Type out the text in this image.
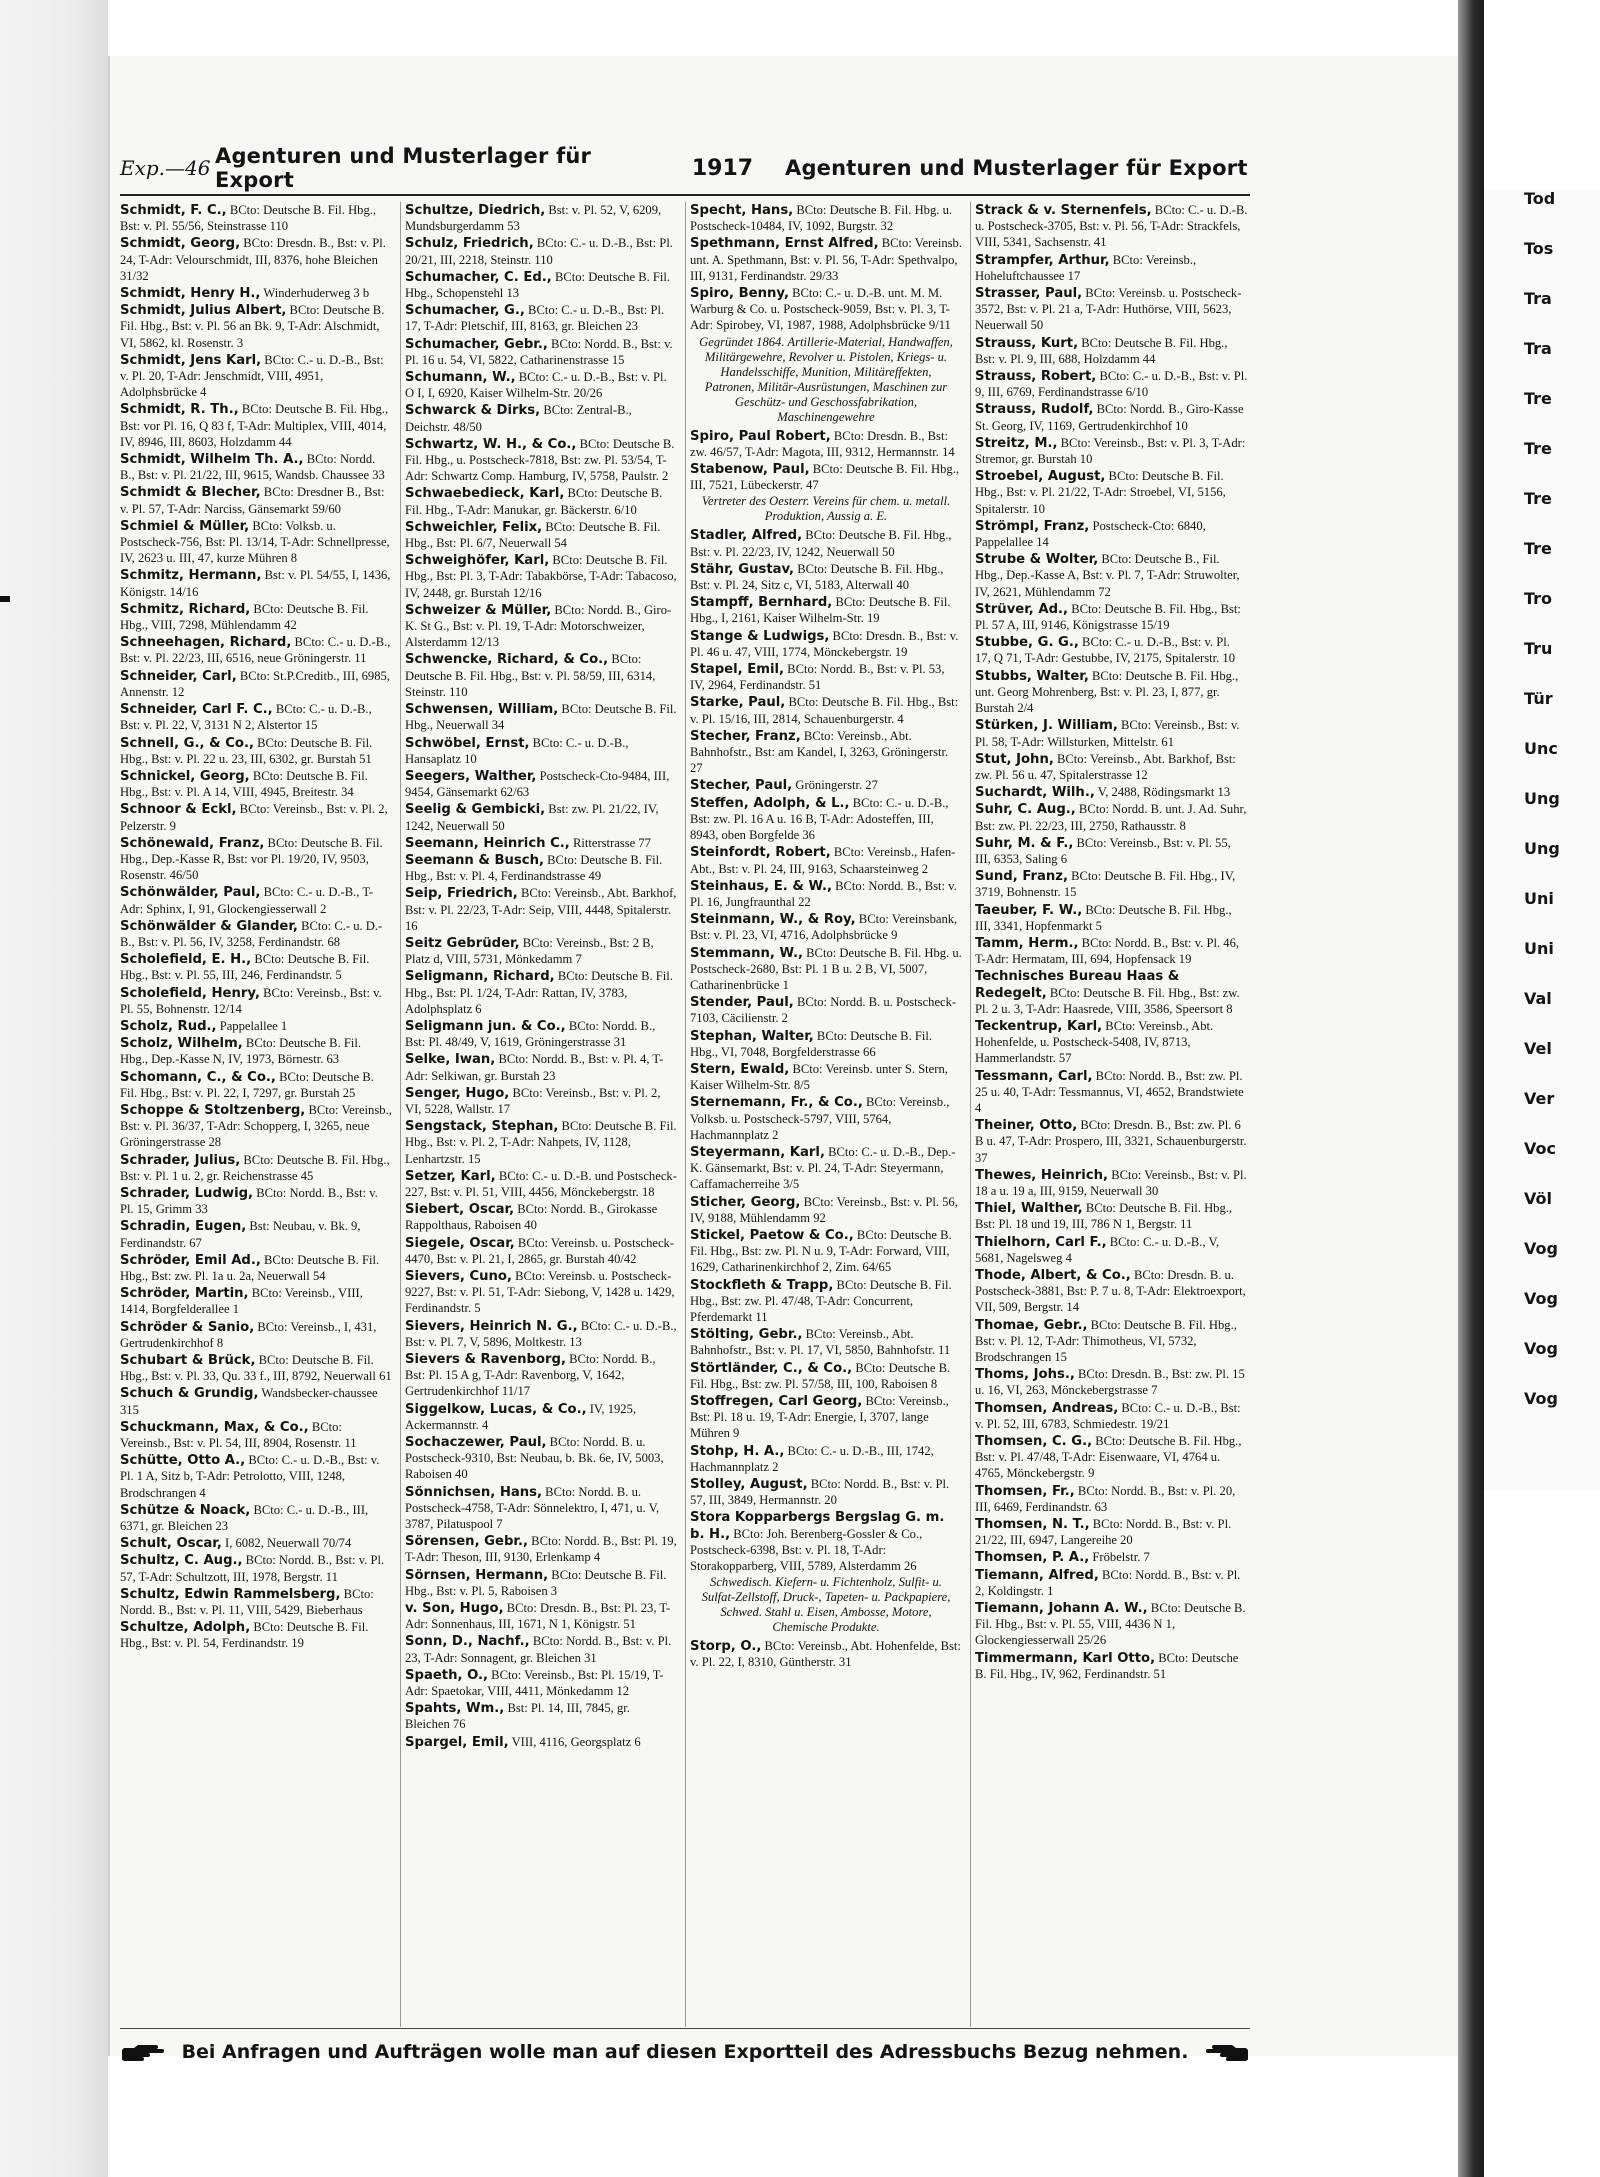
Exp.—46 Agenturen und Musterlager für Export	1917	Agenturen und Musterlager für Export
Schmidt, F. C., BCto: Deutsche B. Fil. Hbg., Bst: v. Pl. 55/56, Steinstrasse 110
Schmidt, Georg, BCto: Dresdn. B., Bst: v. Pl. 24, T-Adr: Velourschmidt, III, 8376, hohe Bleichen 31/32
Schmidt, Henry H., Winderhuderweg 3 b
Schmidt, Julius Albert, BCto: Deutsche B. Fil. Hbg., Bst: v. Pl. 56 an Bk. 9, T-Adr: Alschmidt, VI, 5862, kl. Rosenstr. 3
Schmidt, Jens Karl, BCto: C.- u. D.-B., Bst: v. Pl. 20, T-Adr: Jenschmidt, VIII, 4951, Adolphsbrücke 4
Schmidt, R. Th., BCto: Deutsche B. Fil. Hbg., Bst: vor Pl. 16, Q 83 f, T-Adr: Multiplex, VIII, 4014, IV, 8946, III, 8603, Holzdamm 44
Schmidt, Wilhelm Th. A., BCto: Nordd. B., Bst: v. Pl. 21/22, III, 9615, Wandsb. Chaussee 33
Schmidt & Blecher, BCto: Dresdner B., Bst: v. Pl. 57, T-Adr: Narciss, Gänsemarkt 59/60
Schmiel & Müller, BCto: Volksb. u. Postscheck-756, Bst: Pl. 13/14, T-Adr: Schnellpresse, IV, 2623 u. III, 47, kurze Mühren 8
Schmitz, Hermann, Bst: v. Pl. 54/55, I, 1436, Königstr. 14/16
Schmitz, Richard, BCto: Deutsche B. Fil. Hbg., VIII, 7298, Mühlendamm 42
Schneehagen, Richard, BCto: C.- u. D.-B., Bst: v. Pl. 22/23, III, 6516, neue Gröningerstr. 11
Schneider, Carl, BCto: St.P.Creditb., III, 6985, Annenstr. 12
Schneider, Carl F. C., BCto: C.- u. D.-B., Bst: v. Pl. 22, V, 3131 N 2, Alstertor 15
Schnell, G., & Co., BCto: Deutsche B. Fil. Hbg., Bst: v. Pl. 22 u. 23, III, 6302, gr. Burstah 51
Schnickel, Georg, BCto: Deutsche B. Fil. Hbg., Bst: v. Pl. A 14, VIII, 4945, Breitestr. 34
Schnoor & Eckl, BCto: Vereinsb., Bst: v. Pl. 2, Pelzerstr. 9
Schönewald, Franz, BCto: Deutsche B. Fil. Hbg., Dep.-Kasse R, Bst: vor Pl. 19/20, IV, 9503, Rosenstr. 46/50
Schönwälder, Paul, BCto: C.- u. D.-B., T-Adr: Sphinx, I, 91, Glockengiesserwall 2
Schönwälder & Glander, BCto: C.- u. D.-B., Bst: v. Pl. 56, IV, 3258, Ferdinandstr. 68
Scholefield, E. H., BCto: Deutsche B. Fil. Hbg., Bst: v. Pl. 55, III, 246, Ferdinandstr. 5
Scholefield, Henry, BCto: Vereinsb., Bst: v. Pl. 55, Bohnenstr. 12/14
Scholz, Rud., Pappelallee 1
Scholz, Wilhelm, BCto: Deutsche B. Fil. Hbg., Dep.-Kasse N, IV, 1973, Börnestr. 63
Schomann, C., & Co., BCto: Deutsche B. Fil. Hbg., Bst: v. Pl. 22, I, 7297, gr. Burstah 25
Schoppe & Stoltzenberg, BCto: Vereinsb., Bst: v. Pl. 36/37, T-Adr: Schopperg, I, 3265, neue Gröningerstrasse 28
Schrader, Julius, BCto: Deutsche B. Fil. Hbg., Bst: v. Pl. 1 u. 2, gr. Reichenstrasse 45
Schrader, Ludwig, BCto: Nordd. B., Bst: v. Pl. 15, Grimm 33
Schradin, Eugen, Bst: Neubau, v. Bk. 9, Ferdinandstr. 67
Schröder, Emil Ad., BCto: Deutsche B. Fil. Hbg., Bst: zw. Pl. 1a u. 2a, Neuerwall 54
Schröder, Martin, BCto: Vereinsb., VIII, 1414, Borgfelderallee 1
Schröder & Sanio, BCto: Vereinsb., I, 431, Gertrudenkirchhof 8
Schubart & Brück, BCto: Deutsche B. Fil. Hbg., Bst: v. Pl. 33, Qu. 33 f., III, 8792, Neuerwall 61
Schuch & Grundig, Wandsbecker-chaussee 315
Schuckmann, Max, & Co., BCto: Vereinsb., Bst: v. Pl. 54, III, 8904, Rosenstr. 11
Schütte, Otto A., BCto: C.- u. D.-B., Bst: v. Pl. 1 A, Sitz b, T-Adr: Petrolotto, VIII, 1248, Brodschrangen 4
Schütze & Noack, BCto: C.- u. D.-B., III, 6371, gr. Bleichen 23
Schult, Oscar, I, 6082, Neuerwall 70/74
Schultz, C. Aug., BCto: Nordd. B., Bst: v. Pl. 57, T-Adr: Schultzott, III, 1978, Bergstr. 11
Schultz, Edwin Rammelsberg, BCto: Nordd. B., Bst: v. Pl. 11, VIII, 5429, Bieberhaus
Schultze, Adolph, BCto: Deutsche B. Fil. Hbg., Bst: v. Pl. 54, Ferdinandstr. 19
Schultze, Diedrich, Bst: v. Pl. 52, V, 6209, Mundsburgerdamm 53
Schulz, Friedrich, BCto: C.- u. D.-B., Bst: Pl. 20/21, III, 2218, Steinstr. 110
Schumacher, C. Ed., BCto: Deutsche B. Fil. Hbg., Schopenstehl 13
Schumacher, G., BCto: C.- u. D.-B., Bst: Pl. 17, T-Adr: Pletschif, III, 8163, gr. Bleichen 23
Schumacher, Gebr., BCto: Nordd. B., Bst: v. Pl. 16 u. 54, VI, 5822, Catharinenstrasse 15
Schumann, W., BCto: C.- u. D.-B., Bst: v. Pl. O I, I, 6920, Kaiser Wilhelm-Str. 20/26
Schwarck & Dirks, BCto: Zentral-B., Deichstr. 48/50
Schwartz, W. H., & Co., BCto: Deutsche B. Fil. Hbg., u. Postscheck-7818, Bst: zw. Pl. 53/54, T-Adr: Schwartz Comp. Hamburg, IV, 5758, Paulstr. 2
Schwaebedieck, Karl, BCto: Deutsche B. Fil. Hbg., T-Adr: Manukar, gr. Bäckerstr. 6/10
Schweichler, Felix, BCto: Deutsche B. Fil. Hbg., Bst: Pl. 6/7, Neuerwall 54
Schweighöfer, Karl, BCto: Deutsche B. Fil. Hbg., Bst: Pl. 3, T-Adr: Tabakbörse, T-Adr: Tabacoso, IV, 2448, gr. Burstah 12/16
Schweizer & Müller, BCto: Nordd. B., Giro-K. St G., Bst: v. Pl. 19, T-Adr: Motorschweizer, Alsterdamm 12/13
Schwencke, Richard, & Co., BCto: Deutsche B. Fil. Hbg., Bst: v. Pl. 58/59, III, 6314, Steinstr. 110
Schwensen, William, BCto: Deutsche B. Fil. Hbg., Neuerwall 34
Schwöbel, Ernst, BCto: C.- u. D.-B., Hansaplatz 10
Seegers, Walther, Postscheck-Cto-9484, III, 9454, Gänsemarkt 62/63
Seelig & Gembicki, Bst: zw. Pl. 21/22, IV, 1242, Neuerwall 50
Seemann, Heinrich C., Ritterstrasse 77
Seemann & Busch, BCto: Deutsche B. Fil. Hbg., Bst: v. Pl. 4, Ferdinandstrasse 49
Seip, Friedrich, BCto: Vereinsb., Abt. Barkhof, Bst: v. Pl. 22/23, T-Adr: Seip, VIII, 4448, Spitalerstr. 16
Seitz Gebrüder, BCto: Vereinsb., Bst: 2 B, Platz d, VIII, 5731, Mönkedamm 7
Seligmann, Richard, BCto: Deutsche B. Fil. Hbg., Bst: Pl. 1/24, T-Adr: Rattan, IV, 3783, Adolphsplatz 6
Seligmann jun. & Co., BCto: Nordd. B., Bst: Pl. 48/49, V, 1619, Gröningerstrasse 31
Selke, Iwan, BCto: Nordd. B., Bst: v. Pl. 4, T-Adr: Selkiwan, gr. Burstah 23
Senger, Hugo, BCto: Vereinsb., Bst: v. Pl. 2, VI, 5228, Wallstr. 17
Sengstack, Stephan, BCto: Deutsche B. Fil. Hbg., Bst: v. Pl. 2, T-Adr: Nahpets, IV, 1128, Lenhartzstr. 15
Setzer, Karl, BCto: C.- u. D.-B. und Postscheck-227, Bst: v. Pl. 51, VIII, 4456, Mönckebergstr. 18
Siebert, Oscar, BCto: Nordd. B., Girokasse Rappolthaus, Raboisen 40
Siegele, Oscar, BCto: Vereinsb. u. Postscheck-4470, Bst: v. Pl. 21, I, 2865, gr. Burstah 40/42
Sievers, Cuno, BCto: Vereinsb. u. Postscheck-9227, Bst: v. Pl. 51, T-Adr: Siebong, V, 1428 u. 1429, Ferdinandstr. 5
Sievers, Heinrich N. G., BCto: C.- u. D.-B., Bst: v. Pl. 7, V, 5896, Moltkestr. 13
Sievers & Ravenborg, BCto: Nordd. B., Bst: Pl. 15 A g, T-Adr: Ravenborg, V, 1642, Gertrudenkirchhof 11/17
Siggelkow, Lucas, & Co., IV, 1925, Ackermannstr. 4
Sochaczewer, Paul, BCto: Nordd. B. u. Postscheck-9310, Bst: Neubau, b. Bk. 6e, IV, 5003, Raboisen 40
Sönnichsen, Hans, BCto: Nordd. B. u. Postscheck-4758, T-Adr: Sönnelektro, I, 471, u. V, 3787, Pilatuspool 7
Sörensen, Gebr., BCto: Nordd. B., Bst: Pl. 19, T-Adr: Theson, III, 9130, Erlenkamp 4
Sörnsen, Hermann, BCto: Deutsche B. Fil. Hbg., Bst: v. Pl. 5, Raboisen 3
v. Son, Hugo, BCto: Dresdn. B., Bst: Pl. 23, T-Adr: Sonnenhaus, III, 1671, N 1, Königstr. 51
Sonn, D., Nachf., BCto: Nordd. B., Bst: v. Pl. 23, T-Adr: Sonnagent, gr. Bleichen 31
Spaeth, O., BCto: Vereinsb., Bst: Pl. 15/19, T-Adr: Spaetokar, VIII, 4411, Mönkedamm 12
Spahts, Wm., Bst: Pl. 14, III, 7845, gr. Bleichen 76
Spargel, Emil, VIII, 4116, Georgsplatz 6
Specht, Hans, BCto: Deutsche B. Fil. Hbg. u. Postscheck-10484, IV, 1092, Burgstr. 32
Spethmann, Ernst Alfred, BCto: Vereinsb. unt. A. Spethmann, Bst: v. Pl. 56, T-Adr: Spethvalpo, III, 9131, Ferdinandstr. 29/33
Spiro, Benny, BCto: C.- u. D.-B. unt. M. M. Warburg & Co. u. Postscheck-9059, Bst: v. Pl. 3, T-Adr: Spirobey, VI, 1987, 1988, Adolphsbrücke 9/11
Gegründet 1864. Artillerie-Material, Handwaffen, Militärgewehre, Revolver u. Pistolen, Kriegs- u. Handelsschiffe, Munition, Militäreffekten, Patronen, Militär-Ausrüstungen, Maschinen zur Geschütz- und Geschossfabrikation, Maschinengewehre
Spiro, Paul Robert, BCto: Dresdn. B., Bst: zw. 46/57, T-Adr: Magota, III, 9312, Hermannstr. 14
Stabenow, Paul, BCto: Deutsche B. Fil. Hbg., III, 7521, Lübeckerstr. 47
Vertreter des Oesterr. Vereins für chem. u. metall. Produktion, Aussig a. E.
Stadler, Alfred, BCto: Deutsche B. Fil. Hbg., Bst: v. Pl. 22/23, IV, 1242, Neuerwall 50
Stähr, Gustav, BCto: Deutsche B. Fil. Hbg., Bst: v. Pl. 24, Sitz c, VI, 5183, Alterwall 40
Stampff, Bernhard, BCto: Deutsche B. Fil. Hbg., I, 2161, Kaiser Wilhelm-Str. 19
Stange & Ludwigs, BCto: Dresdn. B., Bst: v. Pl. 46 u. 47, VIII, 1774, Mönckebergstr. 19
Stapel, Emil, BCto: Nordd. B., Bst: v. Pl. 53, IV, 2964, Ferdinandstr. 51
Starke, Paul, BCto: Deutsche B. Fil. Hbg., Bst: v. Pl. 15/16, III, 2814, Schauenburgerstr. 4
Stecher, Franz, BCto: Vereinsb., Abt. Bahnhofstr., Bst: am Kandel, I, 3263, Gröningerstr. 27
Stecher, Paul, Gröningerstr. 27
Steffen, Adolph, & L., BCto: C.- u. D.-B., Bst: zw. Pl. 16 A u. 16 B, T-Adr: Adosteffen, III, 8943, oben Borgfelde 36
Steinfordt, Robert, BCto: Vereinsb., Hafen-Abt., Bst: v. Pl. 24, III, 9163, Schaarsteinweg 2
Steinhaus, E. & W., BCto: Nordd. B., Bst: v. Pl. 16, Jungfraunthal 22
Steinmann, W., & Roy, BCto: Vereinsbank, Bst: v. Pl. 23, VI, 4716, Adolphsbrücke 9
Stemmann, W., BCto: Deutsche B. Fil. Hbg. u. Postscheck-2680, Bst: Pl. 1 B u. 2 B, VI, 5007, Catharinenbrücke 1
Stender, Paul, BCto: Nordd. B. u. Postscheck-7103, Cäcilienstr. 2
Stephan, Walter, BCto: Deutsche B. Fil. Hbg., VI, 7048, Borgfelderstrasse 66
Stern, Ewald, BCto: Vereinsb. unter S. Stern, Kaiser Wilhelm-Str. 8/5
Sternemann, Fr., & Co., BCto: Vereinsb., Volksb. u. Postscheck-5797, VIII, 5764, Hachmannplatz 2
Steyermann, Karl, BCto: C.- u. D.-B., Dep.-K. Gänsemarkt, Bst: v. Pl. 24, T-Adr: Steyermann, Caffamacherreihe 3/5
Sticher, Georg, BCto: Vereinsb., Bst: v. Pl. 56, IV, 9188, Mühlendamm 92
Stickel, Paetow & Co., BCto: Deutsche B. Fil. Hbg., Bst: zw. Pl. N u. 9, T-Adr: Forward, VIII, 1629, Catharinenkirchhof 2, Zim. 64/65
Stockfleth & Trapp, BCto: Deutsche B. Fil. Hbg., Bst: zw. Pl. 47/48, T-Adr: Concurrent, Pferdemarkt 11
Stölting, Gebr., BCto: Vereinsb., Abt. Bahnhofstr., Bst: v. Pl. 17, VI, 5850, Bahnhofstr. 11
Störtländer, C., & Co., BCto: Deutsche B. Fil. Hbg., Bst: zw. Pl. 57/58, III, 100, Raboisen 8
Stoffregen, Carl Georg, BCto: Vereinsb., Bst: Pl. 18 u. 19, T-Adr: Energie, I, 3707, lange Mühren 9
Stohp, H. A., BCto: C.- u. D.-B., III, 1742, Hachmannplatz 2
Stolley, August, BCto: Nordd. B., Bst: v. Pl. 57, III, 3849, Hermannstr. 20
Stora Kopparbergs Bergslag G. m. b. H., BCto: Joh. Berenberg-Gossler & Co., Postscheck-6398, Bst: v. Pl. 18, T-Adr: Storakopparberg, VIII, 5789, Alsterdamm 26
Schwedisch. Kiefern- u. Fichtenholz, Sulfit- u. Sulfat-Zellstoff, Druck-, Tapeten- u. Packpapiere, Schwed. Stahl u. Eisen, Ambosse, Motore, Chemische Produkte.
Storp, O., BCto: Vereinsb., Abt. Hohenfelde, Bst: v. Pl. 22, I, 8310, Güntherstr. 31
Strack & v. Sternenfels, BCto: C.- u. D.-B. u. Postscheck-3705, Bst: v. Pl. 56, T-Adr: Strackfels, VIII, 5341, Sachsenstr. 41
Strampfer, Arthur, BCto: Vereinsb., Hoheluftchaussee 17
Strasser, Paul, BCto: Vereinsb. u. Postscheck-3572, Bst: v. Pl. 21 a, T-Adr: Huthörse, VIII, 5623, Neuerwall 50
Strauss, Kurt, BCto: Deutsche B. Fil. Hbg., Bst: v. Pl. 9, III, 688, Holzdamm 44
Strauss, Robert, BCto: C.- u. D.-B., Bst: v. Pl. 9, III, 6769, Ferdinandstrasse 6/10
Strauss, Rudolf, BCto: Nordd. B., Giro-Kasse St. Georg, IV, 1169, Gertrudenkirchhof 10
Streitz, M., BCto: Vereinsb., Bst: v. Pl. 3, T-Adr: Stremor, gr. Burstah 10
Stroebel, August, BCto: Deutsche B. Fil. Hbg., Bst: v. Pl. 21/22, T-Adr: Stroebel, VI, 5156, Spitalerstr. 10
Strömpl, Franz, Postscheck-Cto: 6840, Pappelallee 14
Strube & Wolter, BCto: Deutsche B., Fil. Hbg., Dep.-Kasse A, Bst: v. Pl. 7, T-Adr: Struwolter, IV, 2621, Mühlendamm 72
Strüver, Ad., BCto: Deutsche B. Fil. Hbg., Bst: Pl. 57 A, III, 9146, Königstrasse 15/19
Stubbe, G. G., BCto: C.- u. D.-B., Bst: v. Pl. 17, Q 71, T-Adr: Gestubbe, IV, 2175, Spitalerstr. 10
Stubbs, Walter, BCto: Deutsche B. Fil. Hbg., unt. Georg Mohrenberg, Bst: v. Pl. 23, I, 877, gr. Burstah 2/4
Stürken, J. William, BCto: Vereinsb., Bst: v. Pl. 58, T-Adr: Willsturken, Mittelstr. 61
Stut, John, BCto: Vereinsb., Abt. Barkhof, Bst: zw. Pl. 56 u. 47, Spitalerstrasse 12
Suchardt, Wilh., V, 2488, Rödingsmarkt 13
Suhr, C. Aug., BCto: Nordd. B. unt. J. Ad. Suhr, Bst: zw. Pl. 22/23, III, 2750, Rathausstr. 8
Suhr, M. & F., BCto: Vereinsb., Bst: v. Pl. 55, III, 6353, Saling 6
Sund, Franz, BCto: Deutsche B. Fil. Hbg., IV, 3719, Bohnenstr. 15
Taeuber, F. W., BCto: Deutsche B. Fil. Hbg., III, 3341, Hopfenmarkt 5
Tamm, Herm., BCto: Nordd. B., Bst: v. Pl. 46, T-Adr: Hermatam, III, 694, Hopfensack 19
Technisches Bureau Haas & Redegelt, BCto: Deutsche B. Fil. Hbg., Bst: zw. Pl. 2 u. 3, T-Adr: Haasrede, VIII, 3586, Speersort 8
Teckentrup, Karl, BCto: Vereinsb., Abt. Hohenfelde, u. Postscheck-5408, IV, 8713, Hammerlandstr. 57
Tessmann, Carl, BCto: Nordd. B., Bst: zw. Pl. 25 u. 40, T-Adr: Tessmannus, VI, 4652, Brandstwiete 4
Theiner, Otto, BCto: Dresdn. B., Bst: zw. Pl. 6 B u. 47, T-Adr: Prospero, III, 3321, Schauenburgerstr. 37
Thewes, Heinrich, BCto: Vereinsb., Bst: v. Pl. 18 a u. 19 a, III, 9159, Neuerwall 30
Thiel, Walther, BCto: Deutsche B. Fil. Hbg., Bst: Pl. 18 und 19, III, 786 N 1, Bergstr. 11
Thielhorn, Carl F., BCto: C.- u. D.-B., V, 5681, Nagelsweg 4
Thode, Albert, & Co., BCto: Dresdn. B. u. Postscheck-3881, Bst: P. 7 u. 8, T-Adr: Elektroexport, VII, 509, Bergstr. 14
Thomae, Gebr., BCto: Deutsche B. Fil. Hbg., Bst: v. Pl. 12, T-Adr: Thimotheus, VI, 5732, Brodschrangen 15
Thoms, Johs., BCto: Dresdn. B., Bst: zw. Pl. 15 u. 16, VI, 263, Mönckebergstrasse 7
Thomsen, Andreas, BCto: C.- u. D.-B., Bst: v. Pl. 52, III, 6783, Schmiedestr. 19/21
Thomsen, C. G., BCto: Deutsche B. Fil. Hbg., Bst: v. Pl. 47/48, T-Adr: Eisenwaare, VI, 4764 u. 4765, Mönckebergstr. 9
Thomsen, Fr., BCto: Nordd. B., Bst: v. Pl. 20, III, 6469, Ferdinandstr. 63
Thomsen, N. T., BCto: Nordd. B., Bst: v. Pl. 21/22, III, 6947, Langereihe 20
Thomsen, P. A., Fröbelstr. 7
Tiemann, Alfred, BCto: Nordd. B., Bst: v. Pl. 2, Koldingstr. 1
Tiemann, Johann A. W., BCto: Deutsche B. Fil. Hbg., Bst: v. Pl. 55, VIII, 4436 N 1, Glockengiesserwall 25/26
Timmermann, Karl Otto, BCto: Deutsche B. Fil. Hbg., IV, 962, Ferdinandstr. 51
Bei Anfragen und Aufträgen wolle man auf diesen Exportteil des Adressbuchs Bezug nehmen.
Tod
Tos
Tra
Tra
Tre
Tre
Tre
Tre
Tro
Tru
Tür
Unc
Ung
Ung
Uni
Uni
Val
Vel
Ver
Voc
Völ
Vog
Vog
Vog
Vog
